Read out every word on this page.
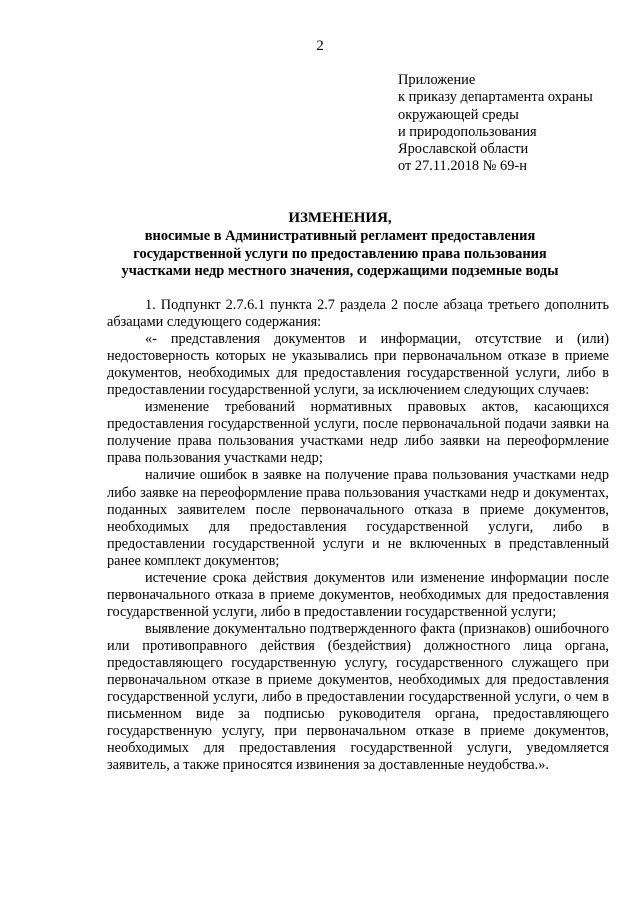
2
Приложение
к приказу департамента охраны
окружающей среды
и природопользования
Ярославской области
от 27.11.2018 № 69-н
ИЗМЕНЕНИЯ,
вносимые в Административный регламент предоставления
государственной услуги по предоставлению права пользования
участками недр местного значения, содержащими подземные воды

1. Подпункт 2.7.6.1 пункта 2.7 раздела 2 после абзаца третьего дополнить абзацами следующего содержания:

«- представления документов и информации, отсутствие и (или) недостоверность которых не указывались при первоначальном отказе в приеме документов, необходимых для предоставления государственной услуги, либо в предоставлении государственной услуги, за исключением следующих случаев:

изменение требований нормативных правовых актов, касающихся предоставления государственной услуги, после первоначальной подачи заявки на получение права пользования участками недр либо заявки на переоформление права пользования участками недр;

наличие ошибок в заявке на получение права пользования участками недр либо заявке на переоформление права пользования участками недр и документах, поданных заявителем после первоначального отказа в приеме документов, необходимых для предоставления государственной услуги, либо в предоставлении государственной услуги и не включенных в представленный ранее комплект документов;

истечение срока действия документов или изменение информации после первоначального отказа в приеме документов, необходимых для предоставления государственной услуги, либо в предоставлении государственной услуги;

выявление документально подтвержденного факта (признаков) ошибочного или противоправного действия (бездействия) должностного лица органа, предоставляющего государственную услугу, государственного служащего при первоначальном отказе в приеме документов, необходимых для предоставления государственной услуги, либо в предоставлении государственной услуги, о чем в письменном виде за подписью руководителя органа, предоставляющего государственную услугу, при первоначальном отказе в приеме документов, необходимых для предоставления государственной услуги, уведомляется заявитель, а также приносятся извинения за доставленные неудобства.».
